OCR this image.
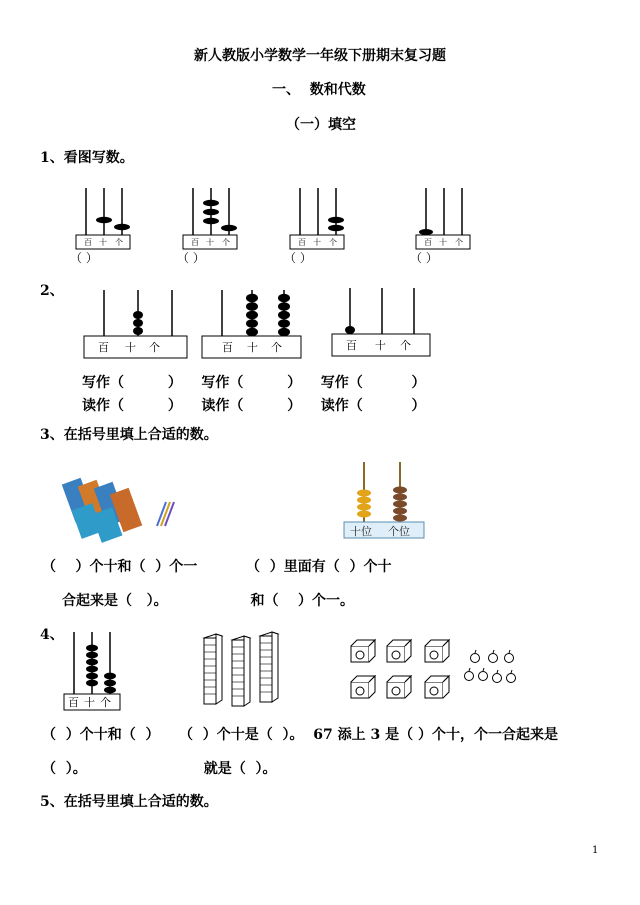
新人教版小学数学一年级下册期末复习题
一、  数和代数
（一）填空
1、看图写数。
百 十 个
（ ）
百 十 个
（ ）
百 十 个
（ ）
百 十 个
（ ）
2、
百 十 个	百 十 个	百 十 个
写作（         ）    写作（         ）    写作（          ）
读作（         ）    读作（         ）    读作（          ）
3、在括号里填上合适的数。
十位 个位
（    ）个十和（  ）个一          （  ）里面有（  ）个十
合起来是（   ）。                 和（    ）个一。
4、
百 十 个
（  ）个十和（  ）    （  ）个十是（  ）。  67 添上 3 是（ ）个十，个一合起来是
（  ）。                        就是（  ）。
5、在括号里填上合适的数。
1
